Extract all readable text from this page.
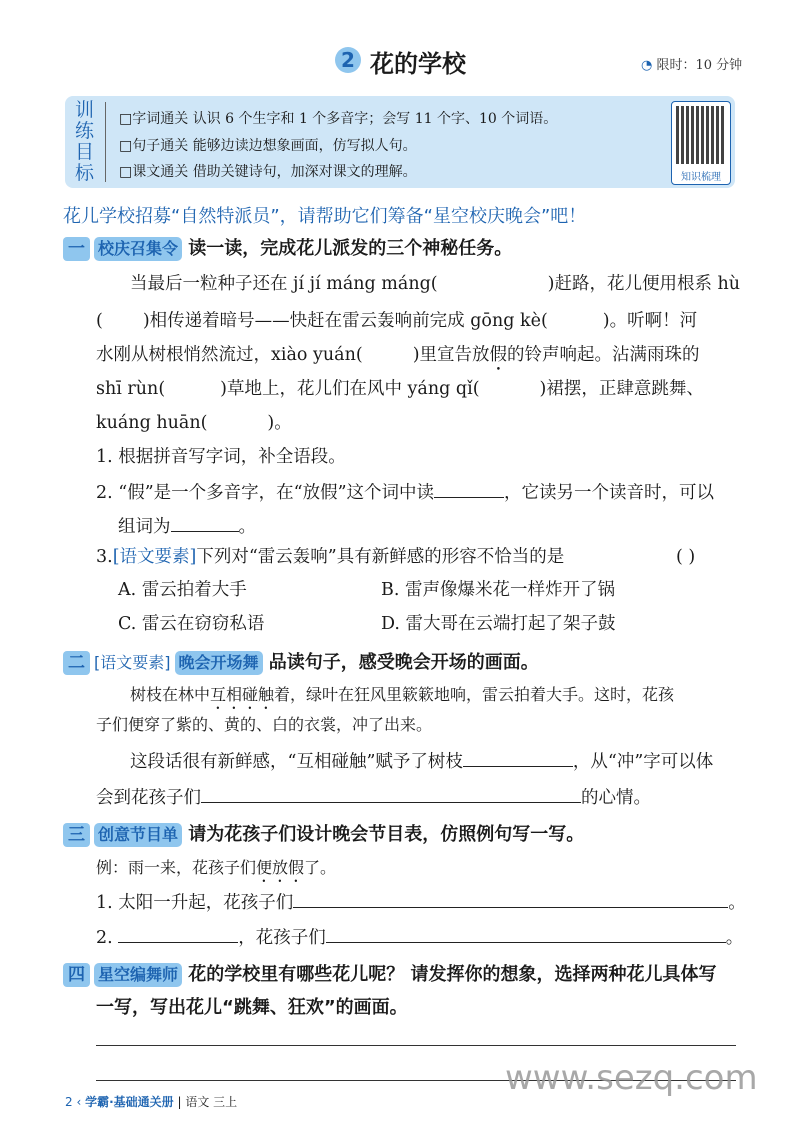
2 花的学校	◔ 限时：10 分钟
训练目标
□字词通关 认识 6 个生字和 1 个多音字；会写 11 个字、10 个词语。
□句子通关 能够边读边想象画面，仿写拟人句。
□课文通关 借助关键诗句，加深对课文的理解。	知识梳理
花儿学校招募“自然特派员”，请帮助它们筹备“星空校庆晚会”吧！
一 校庆召集令 读一读，完成花儿派发的三个神秘任务。
当最后一粒种子还在 jí jí máng máng(	)赶路，花儿便用根系 hù
( )相传递着暗号——快赶在雷云轰响前完成 gōng kè(	)。听啊！河
水刚从树根悄然流过，xiào yuán(	)里宣告放假的铃声响起。沾满雨珠的
shī rùn(	)草地上，花儿们在风中 yáng qǐ(	)裙摆，正肆意跳舞、
kuáng huān(	)。
1. 根据拼音写字词，补全语段。
2. “假”是一个多音字，在“放假”这个词中读	，它读另一个读音时，可以
组词为	。
3.[语文要素]下列对“雷云轰响”具有新鲜感的形容不恰当的是	( )
A. 雷云拍着大手	B. 雷声像爆米花一样炸开了锅
C. 雷云在窃窃私语	D. 雷大哥在云端打起了架子鼓
二 [语文要素] 晚会开场舞 品读句子，感受晚会开场的画面。
树枝在林中互相碰触着，绿叶在狂风里簌簌地响，雷云拍着大手。这时，花孩
子们便穿了紫的、黄的、白的衣裳，冲了出来。
这段话很有新鲜感，“互相碰触”赋予了树枝	，从“冲”字可以体
会到花孩子们	的心情。
三 创意节目单 请为花孩子们设计晚会节目表，仿照例句写一写。
例：雨一来，花孩子们便放假了。
1. 太阳一升起，花孩子们	。
2.	，花孩子们	。
四 星空编舞师 花的学校里有哪些花儿呢？ 请发挥你的想象，选择两种花儿具体写
一写，写出花儿“跳舞、狂欢”的画面。
www.sezq.com
2 ‹ 学霸·基础通关册 | 语文 三上
